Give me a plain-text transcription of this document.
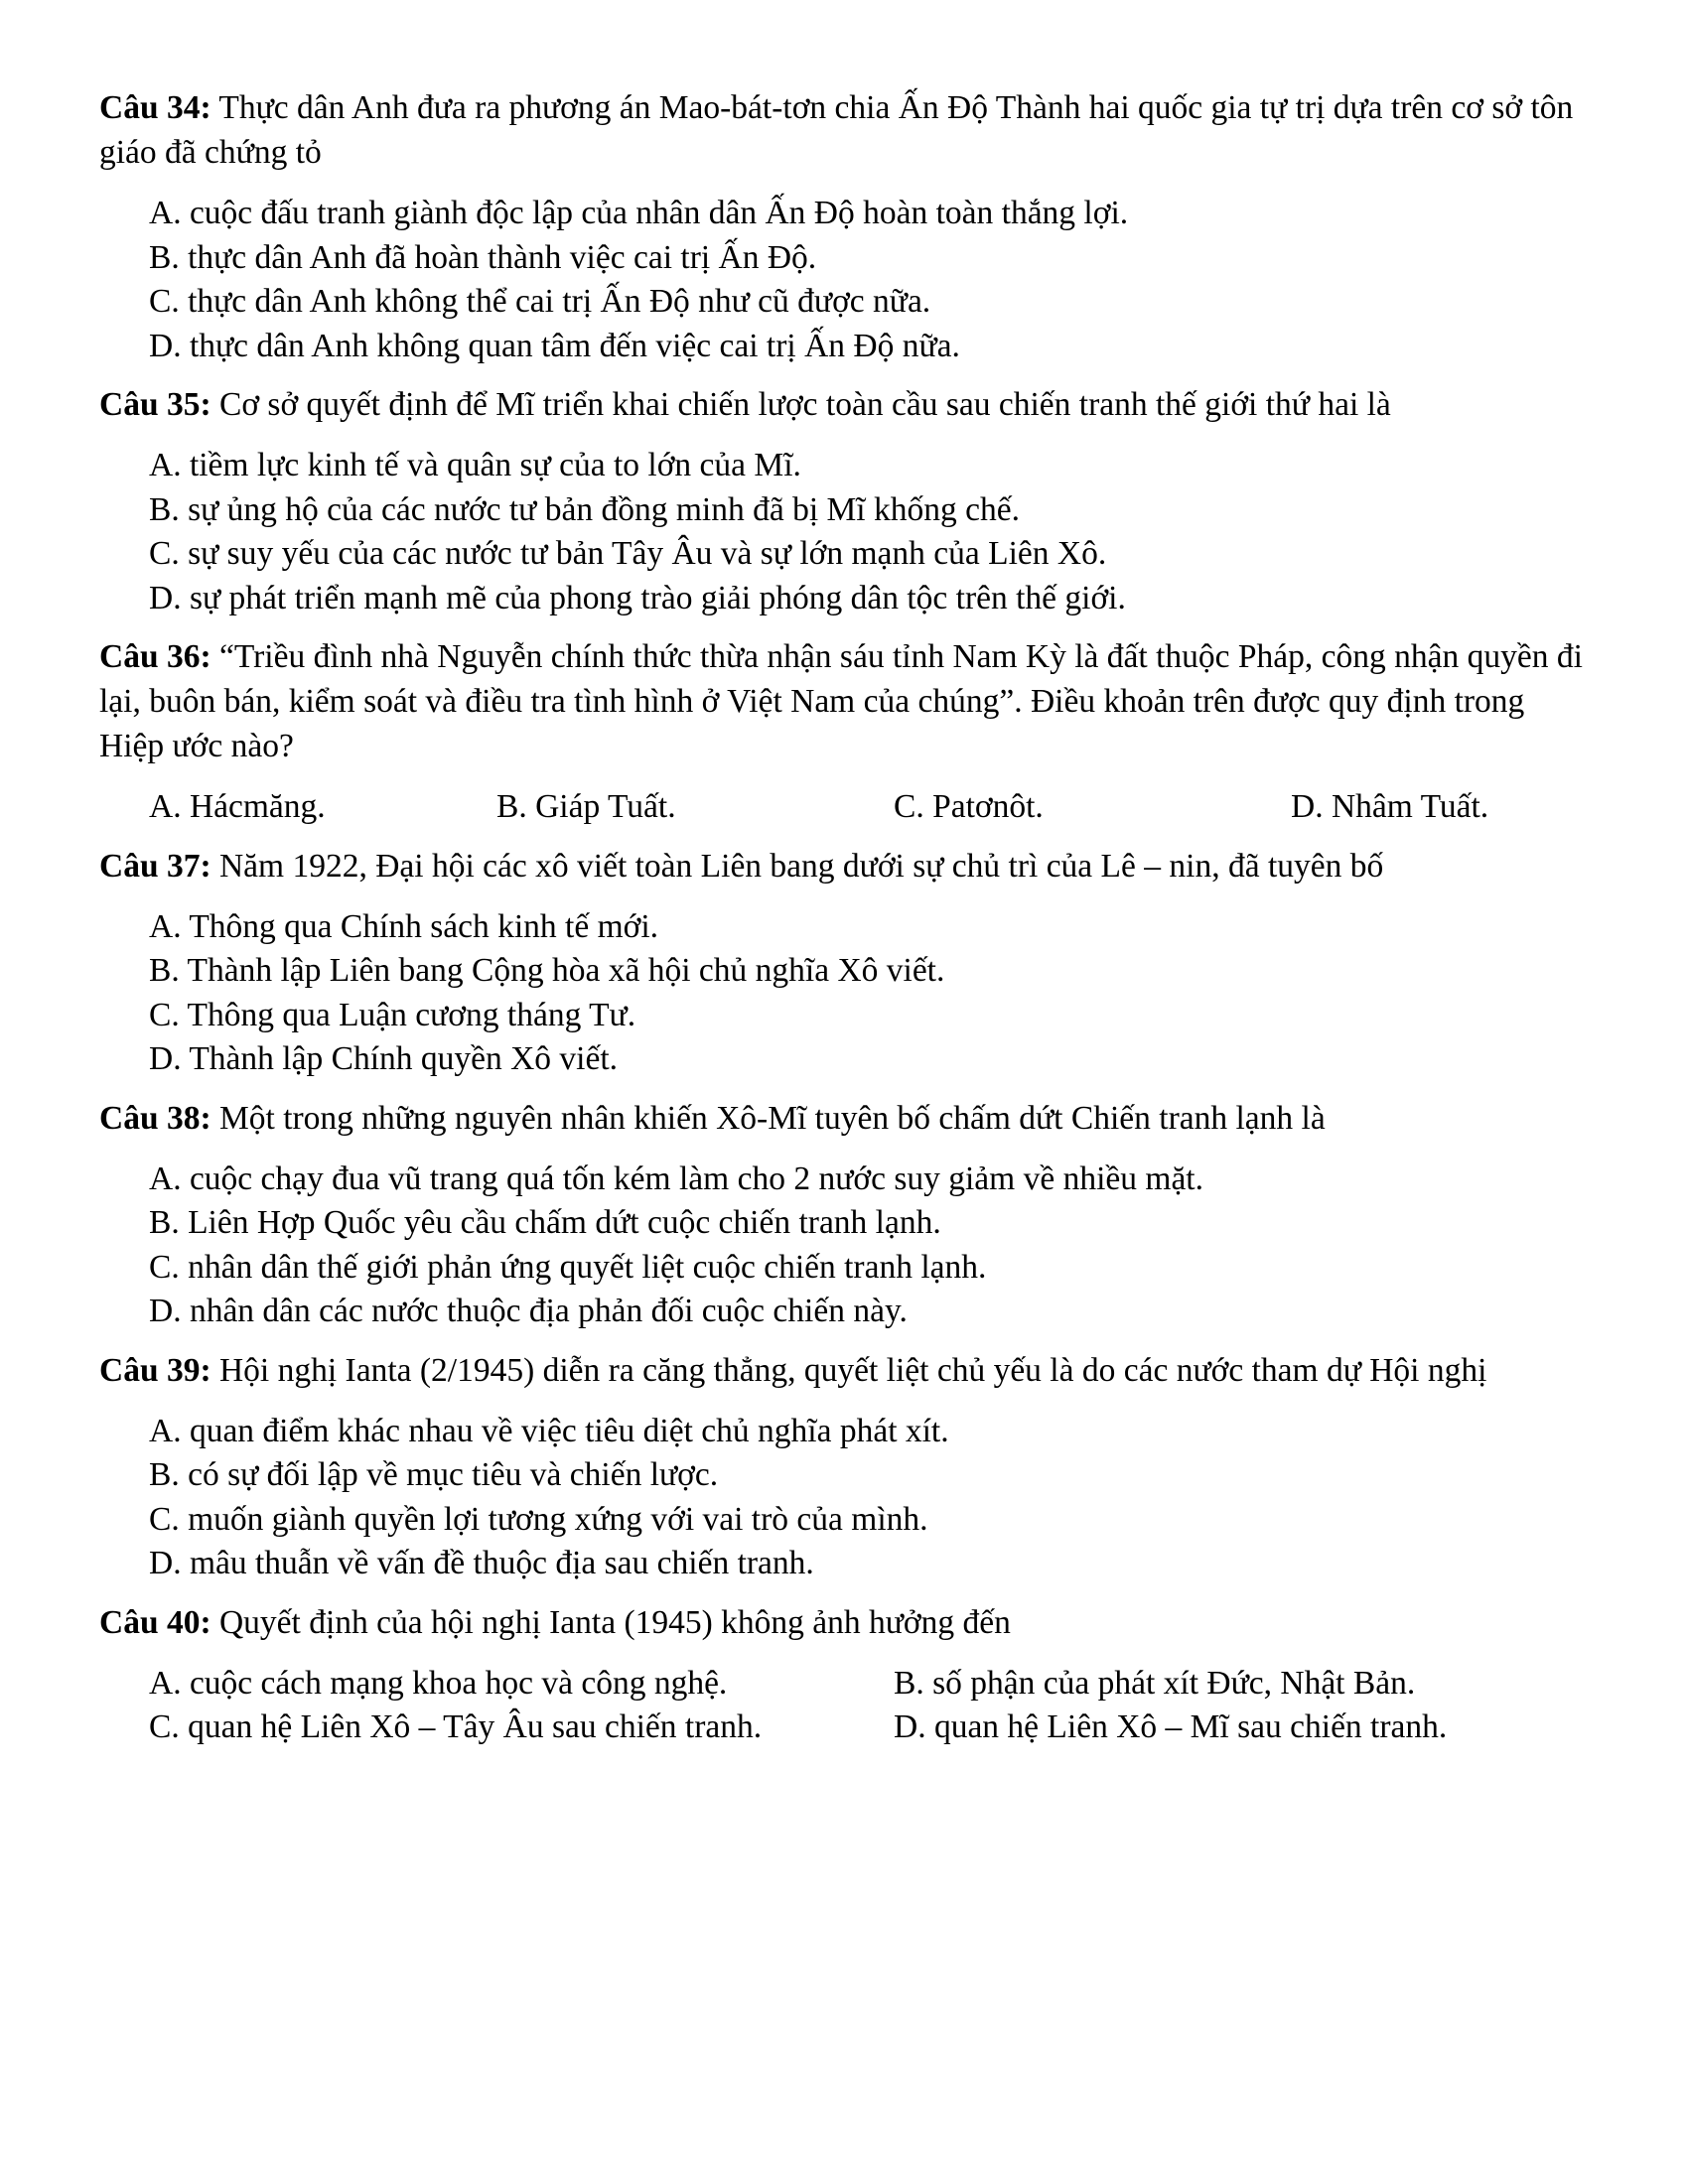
Câu 34: Thực dân Anh đưa ra phương án Mao-bát-tơn chia Ấn Độ Thành hai quốc gia tự trị dựa trên cơ sở tôn giáo đã chứng tỏ

A. cuộc đấu tranh giành độc lập của nhân dân Ấn Độ hoàn toàn thắng lợi.
B. thực dân Anh đã hoàn thành việc cai trị Ấn Độ.
C. thực dân Anh không thể cai trị Ấn Độ như cũ được nữa.
D. thực dân Anh không quan tâm đến việc cai trị Ấn Độ nữa.

Câu 35: Cơ sở quyết định để Mĩ triển khai chiến lược toàn cầu sau chiến tranh thế giới thứ hai là

A. tiềm lực kinh tế và quân sự của to lớn của Mĩ.
B. sự ủng hộ của các nước tư bản đồng minh đã bị Mĩ khống chế.
C. sự suy yếu của các nước tư bản Tây Âu và sự lớn mạnh của Liên Xô.
D. sự phát triển mạnh mẽ của phong trào giải phóng dân tộc trên thế giới.

Câu 36: “Triều đình nhà Nguyễn chính thức thừa nhận sáu tỉnh Nam Kỳ là đất thuộc Pháp, công nhận quyền đi lại, buôn bán, kiểm soát và điều tra tình hình ở Việt Nam của chúng”. Điều khoản trên được quy định trong Hiệp ước nào?

A. Hácmăng.	B. Giáp Tuất.	C. Patơnôt.	D. Nhâm Tuất.

Câu 37: Năm 1922, Đại hội các xô viết toàn Liên bang dưới sự chủ trì của Lê – nin, đã tuyên bố

A. Thông qua Chính sách kinh tế mới.
B. Thành lập Liên bang Cộng hòa xã hội chủ nghĩa Xô viết.
C. Thông qua Luận cương tháng Tư.
D. Thành lập Chính quyền Xô viết.

Câu 38: Một trong những nguyên nhân khiến Xô-Mĩ tuyên bố chấm dứt Chiến tranh lạnh là

A. cuộc chạy đua vũ trang quá tốn kém làm cho 2 nước suy giảm về nhiều mặt.
B. Liên Hợp Quốc yêu cầu chấm dứt cuộc chiến tranh lạnh.
C. nhân dân thế giới phản ứng quyết liệt cuộc chiến tranh lạnh.
D. nhân dân các nước thuộc địa phản đối cuộc chiến này.

Câu 39: Hội nghị Ianta (2/1945) diễn ra căng thẳng, quyết liệt chủ yếu là do các nước tham dự Hội nghị

A. quan điểm khác nhau về việc tiêu diệt chủ nghĩa phát xít.
B. có sự đối lập về mục tiêu và chiến lược.
C. muốn giành quyền lợi tương xứng với vai trò của mình.
D. mâu thuẫn về vấn đề thuộc địa sau chiến tranh.

Câu 40: Quyết định của hội nghị Ianta (1945) không ảnh hưởng đến

A. cuộc cách mạng khoa học và công nghệ.	B. số phận của phát xít Đức, Nhật Bản.
C. quan hệ Liên Xô – Tây Âu sau chiến tranh.	D. quan hệ Liên Xô – Mĩ sau chiến tranh.
